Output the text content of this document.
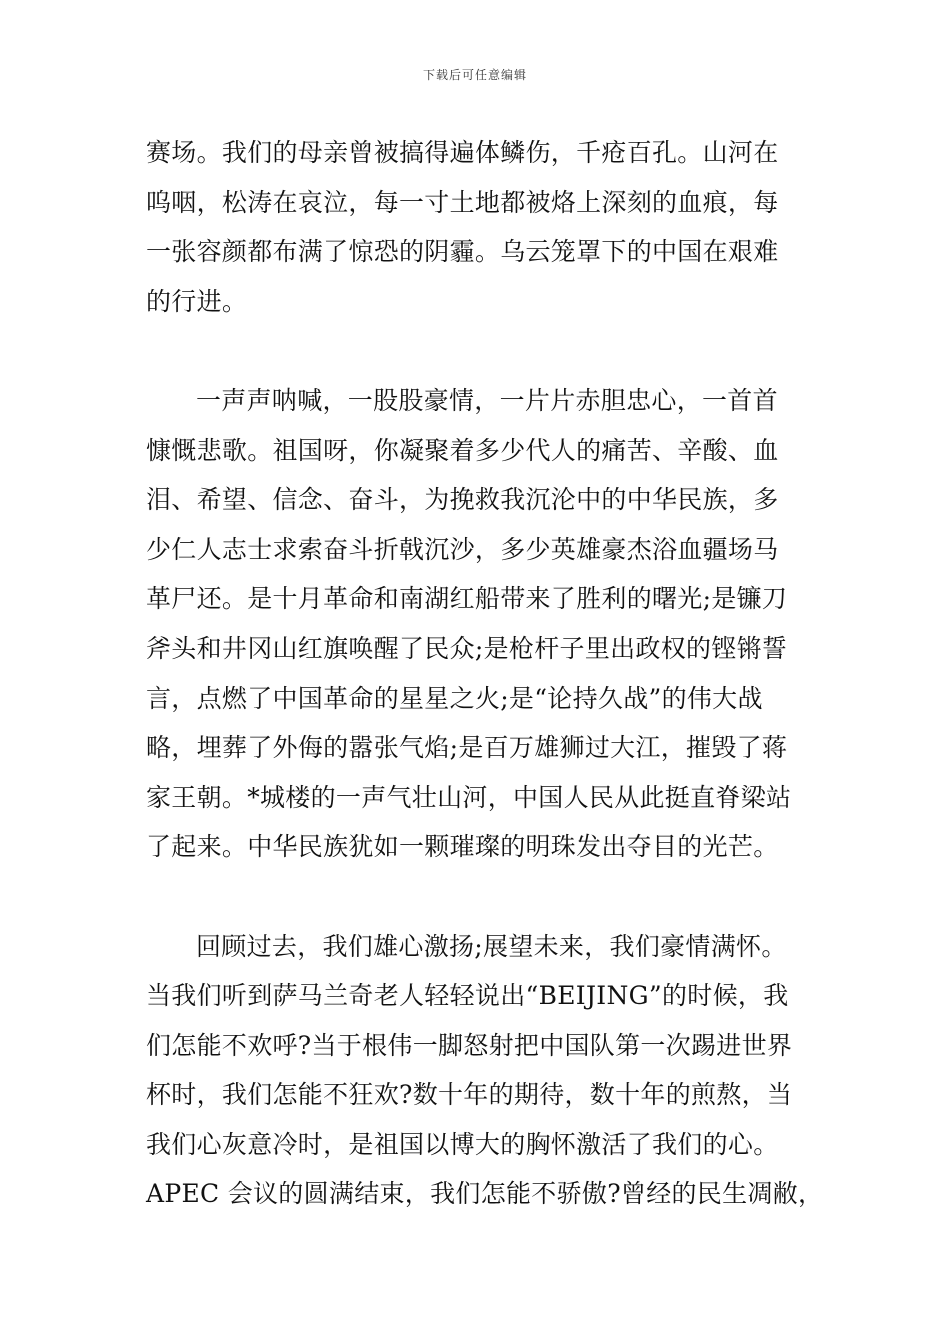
下载后可任意编辑
赛场。我们的母亲曾被搞得遍体鳞伤，千疮百孔。山河在
呜咽，松涛在哀泣，每一寸土地都被烙上深刻的血痕，每
一张容颜都布满了惊恐的阴霾。乌云笼罩下的中国在艰难
的行进。
一声声呐喊，一股股豪情，一片片赤胆忠心，一首首
慷慨悲歌。祖国呀，你凝聚着多少代人的痛苦、辛酸、血
泪、希望、信念、奋斗，为挽救我沉沦中的中华民族，多
少仁人志士求索奋斗折戟沉沙，多少英雄豪杰浴血疆场马
革尸还。是十月革命和南湖红船带来了胜利的曙光;是镰刀
斧头和井冈山红旗唤醒了民众;是枪杆子里出政权的铿锵誓
言，点燃了中国革命的星星之火;是“论持久战”的伟大战
略，埋葬了外侮的嚣张气焰;是百万雄狮过大江，摧毁了蒋
家王朝。*城楼的一声气壮山河，中国人民从此挺直脊梁站
了起来。中华民族犹如一颗璀璨的明珠发出夺目的光芒。
回顾过去，我们雄心激扬;展望未来，我们豪情满怀。
当我们听到萨马兰奇老人轻轻说出“BEIJING”的时候，我
们怎能不欢呼?当于根伟一脚怒射把中国队第一次踢进世界
杯时，我们怎能不狂欢?数十年的期待，数十年的煎熬，当
我们心灰意冷时，是祖国以博大的胸怀激活了我们的心。
APEC 会议的圆满结束，我们怎能不骄傲?曾经的民生凋敝，
